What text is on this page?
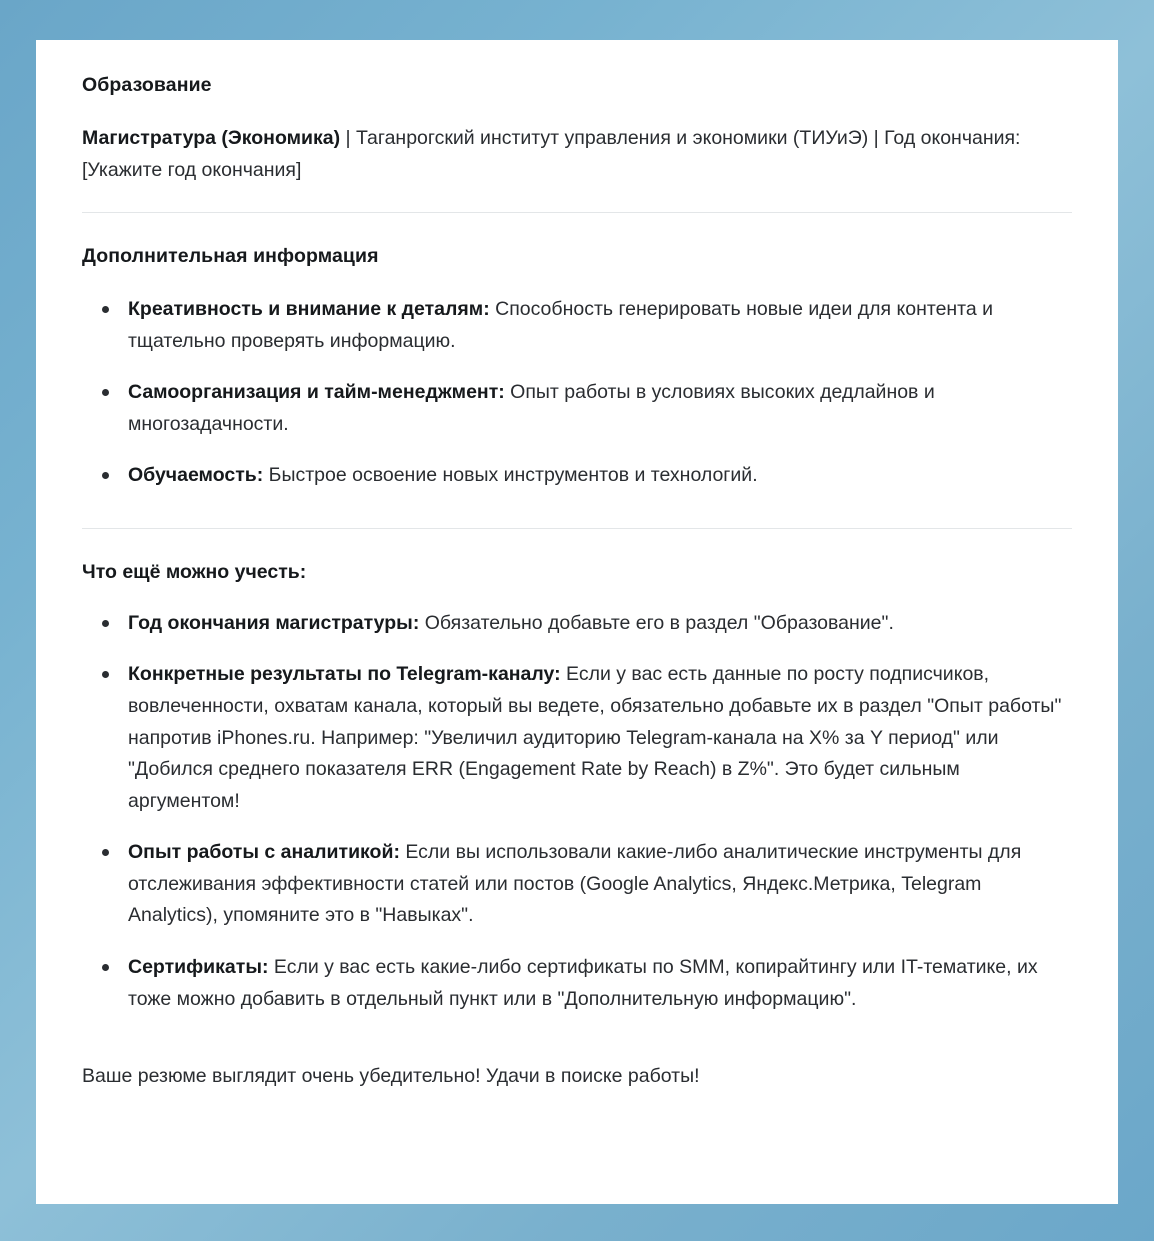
Образование

Магистратура (Экономика) | Таганрогский институт управления и экономики (ТИУиЭ) | Год окончания: [Укажите год окончания]

Дополнительная информация
Креативность и внимание к деталям: Способность генерировать новые идеи для контента и тщательно проверять информацию.
Самоорганизация и тайм-менеджмент: Опыт работы в условиях высоких дедлайнов и многозадачности.
Обучаемость: Быстрое освоение новых инструментов и технологий.
Что ещё можно учесть:
Год окончания магистратуры: Обязательно добавьте его в раздел "Образование".
Конкретные результаты по Telegram-каналу: Если у вас есть данные по росту подписчиков, вовлеченности, охватам канала, который вы ведете, обязательно добавьте их в раздел "Опыт работы" напротив iPhones.ru. Например: "Увеличил аудиторию Telegram-канала на X% за Y период" или "Добился среднего показателя ERR (Engagement Rate by Reach) в Z%". Это будет сильным аргументом!
Опыт работы с аналитикой: Если вы использовали какие-либо аналитические инструменты для отслеживания эффективности статей или постов (Google Analytics, Яндекс.Метрика, Telegram Analytics), упомяните это в "Навыках".
Сертификаты: Если у вас есть какие-либо сертификаты по SMM, копирайтингу или IT-тематике, их тоже можно добавить в отдельный пункт или в "Дополнительную информацию".

Ваше резюме выглядит очень убедительно! Удачи в поиске работы!
